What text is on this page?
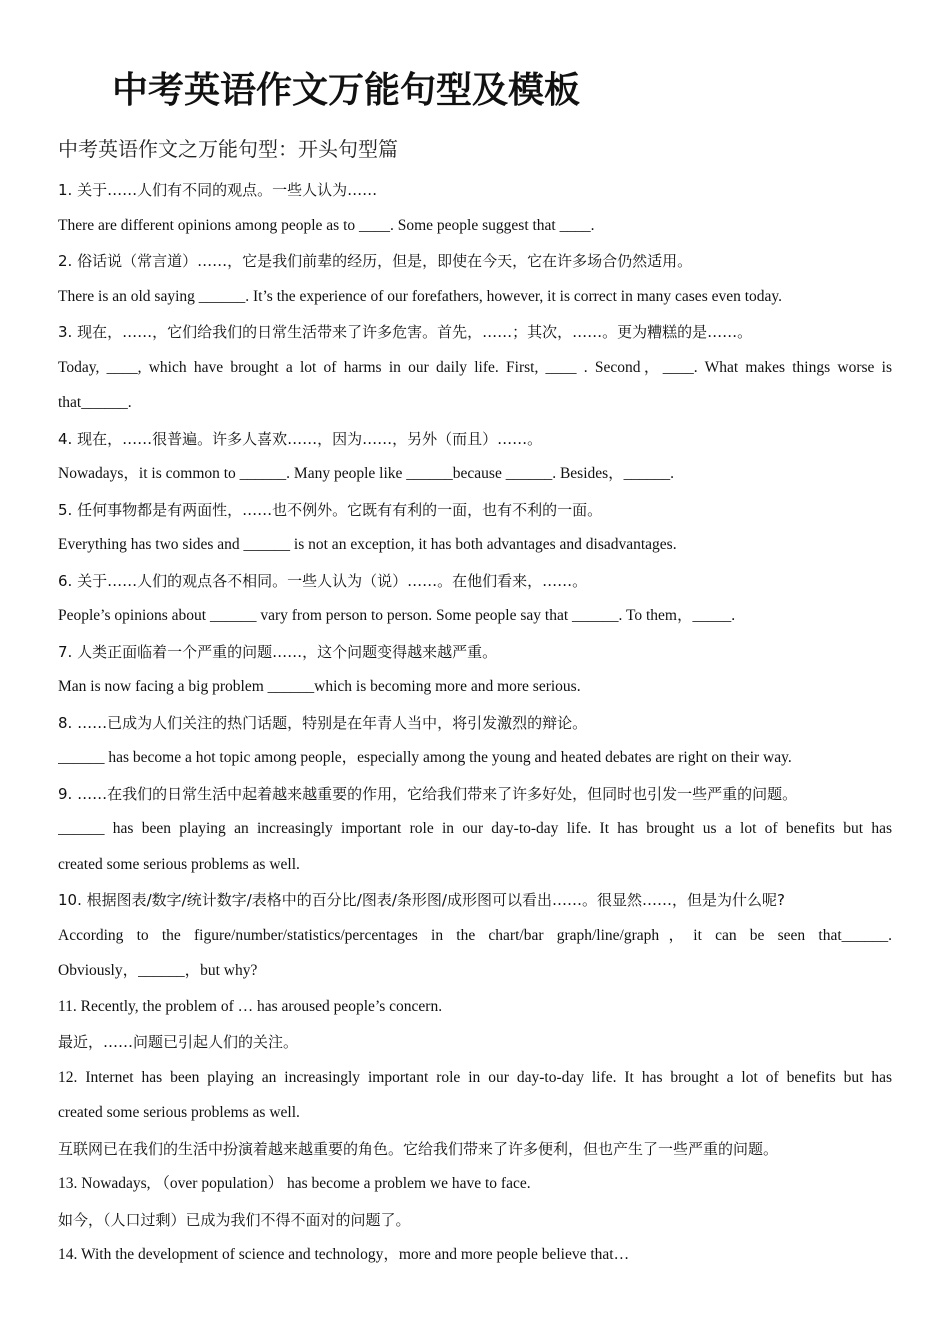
中考英语作文万能句型及模板
中考英语作文之万能句型：开头句型篇
1. 关于……人们有不同的观点。一些人认为……
There are different opinions among people as to ____. Some people suggest that ____.
2. 俗话说（常言道）……，它是我们前辈的经历，但是，即使在今天，它在许多场合仍然适用。
There is an old saying ______. It’s the experience of our forefathers, however, it is correct in many cases even today.
3. 现在，……，它们给我们的日常生活带来了许多危害。首先，……；其次，……。更为糟糕的是……。
Today, ____, which have brought a lot of harms in our daily life. First, ____ . Second，____. What makes things worse is
that______.
4. 现在，……很普遍。许多人喜欢……，因为……，另外（而且）……。
Nowadays，it is common to ______. Many people like ______because ______. Besides，______.
5. 任何事物都是有两面性，……也不例外。它既有有利的一面，也有不利的一面。
Everything has two sides and ______ is not an exception, it has both advantages and disadvantages.
6. 关于……人们的观点各不相同。一些人认为（说）……。在他们看来，……。
People’s opinions about ______ vary from person to person. Some people say that ______. To them，_____.
7. 人类正面临着一个严重的问题……，这个问题变得越来越严重。
Man is now facing a big problem ______which is becoming more and more serious.
8. ……已成为人们关注的热门话题，特别是在年青人当中，将引发激烈的辩论。
______ has become a hot topic among people，especially among the young and heated debates are right on their way.
9. ……在我们的日常生活中起着越来越重要的作用，它给我们带来了许多好处，但同时也引发一些严重的问题。
______ has been playing an increasingly important role in our day-to-day life. It has brought us a lot of benefits but has
created some serious problems as well.
10. 根据图表/数字/统计数字/表格中的百分比/图表/条形图/成形图可以看出……。很显然……，但是为什么呢?
According to the figure/number/statistics/percentages in the chart/bar graph/line/graph，it can be seen that______.
Obviously，______，but why?
11. Recently, the problem of … has aroused people’s concern.
最近，……问题已引起人们的关注。
12. Internet has been playing an increasingly important role in our day-to-day life. It has brought a lot of benefits but has
created some serious problems as well.
互联网已在我们的生活中扮演着越来越重要的角色。它给我们带来了许多便利，但也产生了一些严重的问题。
13. Nowadays, （over population） has become a problem we have to face.
如今，（人口过剩）已成为我们不得不面对的问题了。
14. With the development of science and technology，more and more people believe that…
